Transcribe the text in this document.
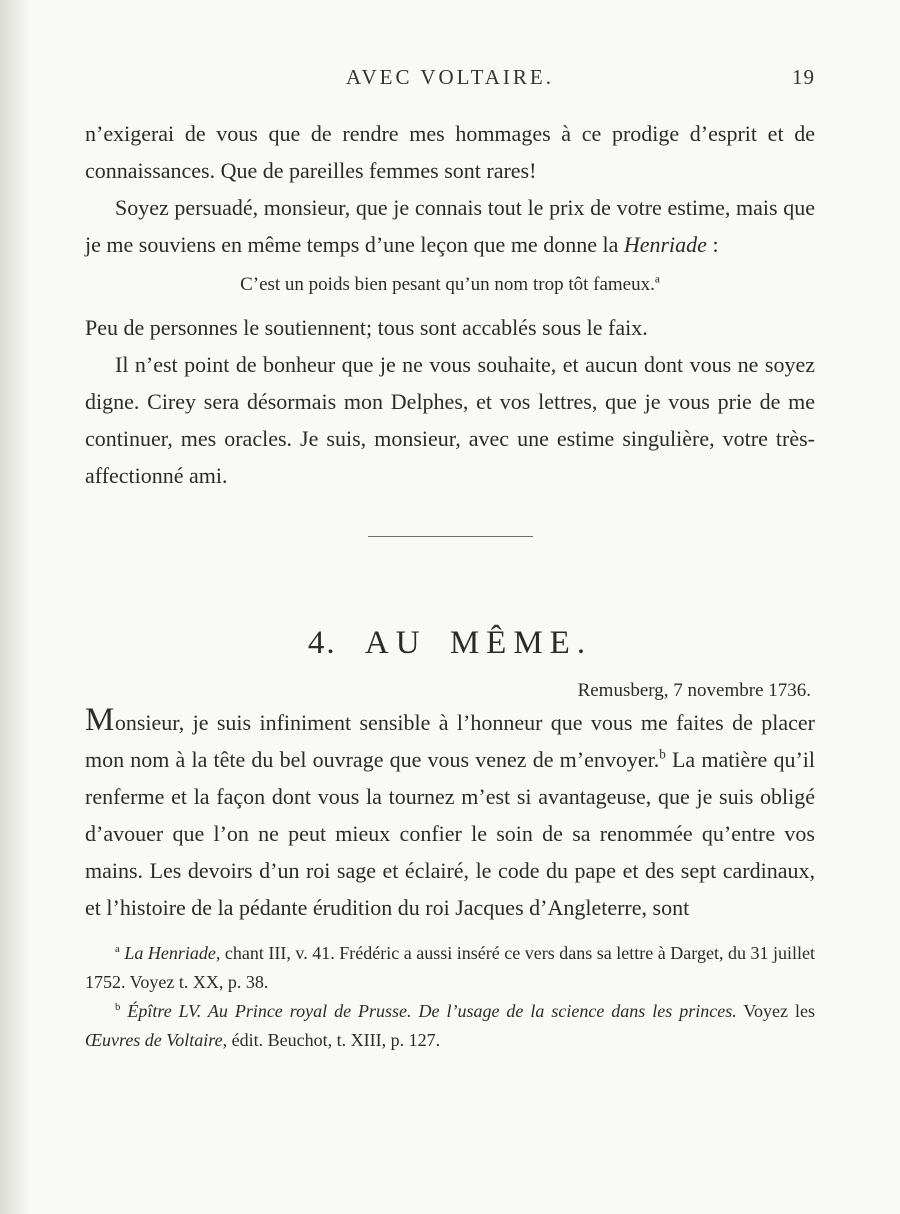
AVEC VOLTAIRE.	19

n’exigerai de vous que de rendre mes hommages à ce prodige d’esprit et de connaissances. Que de pareilles femmes sont rares!

Soyez persuadé, monsieur, que je connais tout le prix de votre estime, mais que je me souviens en même temps d’une leçon que me donne la Henriade :

C’est un poids bien pesant qu’un nom trop tôt fameux.$^a$

Peu de personnes le soutiennent; tous sont accablés sous le faix.

Il n’est point de bonheur que je ne vous souhaite, et aucun dont vous ne soyez digne. Cirey sera désormais mon Delphes, et vos lettres, que je vous prie de me continuer, mes oracles. Je suis, monsieur, avec une estime singulière, votre très-affectionné ami.

4. AU MÊME.
Remusberg, 7 novembre 1736.

Monsieur, je suis infiniment sensible à l’honneur que vous me faites de placer mon nom à la tête du bel ouvrage que vous venez de m’envoyer.$^b$ La matière qu’il renferme et la façon dont vous la tournez m’est si avantageuse, que je suis obligé d’avouer que l’on ne peut mieux confier le soin de sa renommée qu’entre vos mains. Les devoirs d’un roi sage et éclairé, le code du pape et des sept cardinaux, et l’histoire de la pédante érudition du roi Jacques d’Angleterre, sont

$^a$ La Henriade, chant III, v. 41. Frédéric a aussi inséré ce vers dans sa lettre à Darget, du 31 juillet 1752. Voyez t. XX, p. 38.

$^b$ Épître LV. Au Prince royal de Prusse. De l’usage de la science dans les princes. Voyez les Œuvres de Voltaire, édit. Beuchot, t. XIII, p. 127.
